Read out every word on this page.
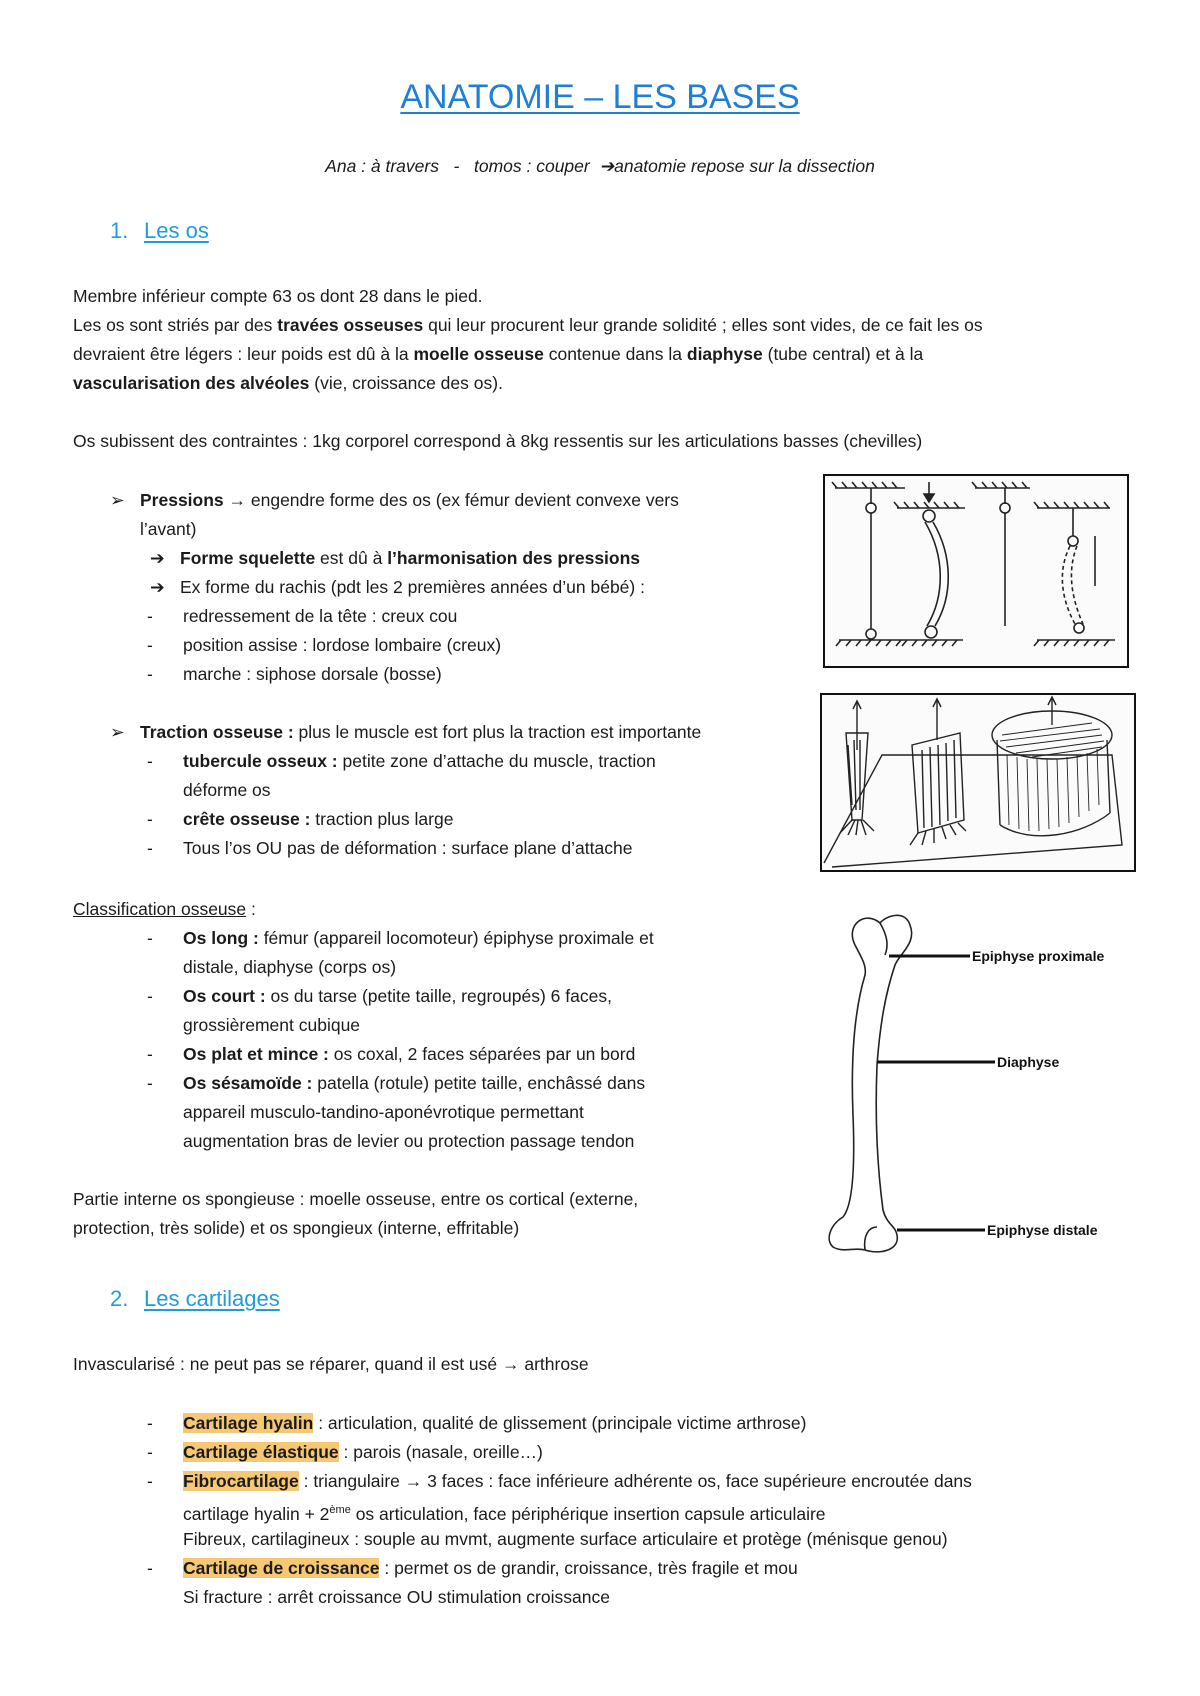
ANATOMIE – LES BASES
Ana : à travers   -   tomos : couper  ➔anatomie repose sur la dissection
1. Les os
Membre inférieur compte 63 os dont 28 dans le pied.
Les os sont striés par des travées osseuses qui leur procurent leur grande solidité ; elles sont vides, de ce fait les os
devraient être légers : leur poids est dû à la moelle osseuse contenue dans la diaphyse (tube central) et à la
vascularisation des alvéoles (vie, croissance des os).
Os subissent des contraintes : 1kg corporel correspond à 8kg ressentis sur les articulations basses (chevilles)
➢ Pressions → engendre forme des os (ex fémur devient convexe vers
l’avant)
➔ Forme squelette est dû à l’harmonisation des pressions
➔ Ex forme du rachis (pdt les 2 premières années d’un bébé) :
- redressement de la tête : creux cou
- position assise : lordose lombaire (creux)
- marche : siphose dorsale (bosse)
➢ Traction osseuse : plus le muscle est fort plus la traction est importante
- tubercule osseux : petite zone d’attache du muscle, traction
déforme os
- crête osseuse : traction plus large
- Tous l’os OU pas de déformation : surface plane d’attache
Classification osseuse :
- Os long : fémur (appareil locomoteur) épiphyse proximale et
distale, diaphyse (corps os)
- Os court : os du tarse (petite taille, regroupés) 6 faces,
grossièrement cubique
- Os plat et mince : os coxal, 2 faces séparées par un bord
- Os sésamoïde : patella (rotule) petite taille, enchâssé dans
appareil musculo-tandino-aponévrotique permettant
augmentation bras de levier ou protection passage tendon
Partie interne os spongieuse : moelle osseuse, entre os cortical (externe,
protection, très solide) et os spongieux (interne, effritable)
Epiphyse proximale
Diaphyse
Epiphyse distale
2. Les cartilages
Invascularisé : ne peut pas se réparer, quand il est usé → arthrose
- Cartilage hyalin : articulation, qualité de glissement (principale victime arthrose)
- Cartilage élastique : parois (nasale, oreille…)
- Fibrocartilage : triangulaire → 3 faces : face inférieure adhérente os, face supérieure encroutée dans
cartilage hyalin + 2ème os articulation, face périphérique insertion capsule articulaire
Fibreux, cartilagineux : souple au mvmt, augmente surface articulaire et protège (ménisque genou)
- Cartilage de croissance : permet os de grandir, croissance, très fragile et mou
Si fracture : arrêt croissance OU stimulation croissance
